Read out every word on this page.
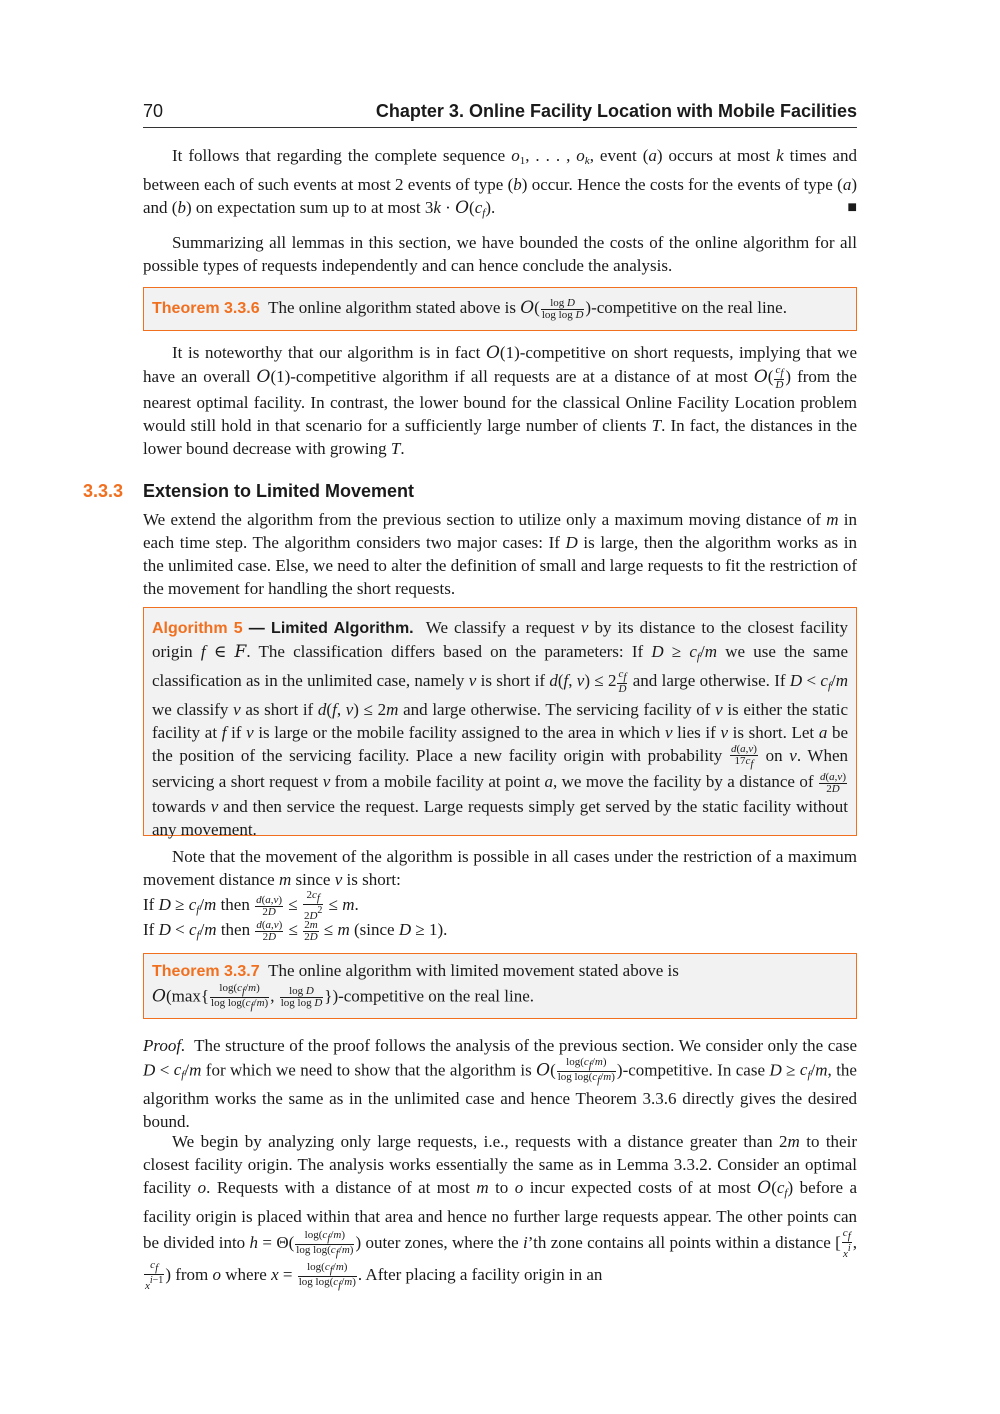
70	Chapter 3. Online Facility Location with Mobile Facilities
It follows that regarding the complete sequence $o_1$, . . . , $o_k$, event (a) occurs at most k times and between each of such events at most 2 events of type (b) occur. Hence the costs for the events of type (a) and (b) on expectation sum up to at most $3k \cdot O(c_f)$.	■
Summarizing all lemmas in this section, we have bounded the costs of the online algorithm for all possible types of requests independently and can hence conclude the analysis.
Theorem 3.3.6  The online algorithm stated above is $O( \frac{\text{log D}}{\text{log log D}}$ )-competitive on the real line.
It is noteworthy that our algorithm is in fact O(1)-competitive on short requests, implying that we have an overall O(1)-competitive algorithm if all requests are at a distance of at most $O( \frac{cf}{D}$ ) from the nearest optimal facility. In contrast, the lower bound for the classical Online Facility Location problem would still hold in that scenario for a sufficiently large number of clients T. In fact, the distances in the lower bound decrease with growing T.
3.3.3 Extension to Limited Movement
We extend the algorithm from the previous section to utilize only a maximum moving distance of m in each time step. The algorithm considers two major cases: If D is large, then the algorithm works as in the unlimited case. Else, we need to alter the definition of small and large requests to fit the restriction of the movement for handling the short requests.
Algorithm 5 — Limited Algorithm.  We classify a request v by its distance to the closest facility origin f ∈ F. The classification differs based on the parameters: If $D \ge c_f/m$ we use the same classification as in the unlimited case, namely v is short if d(f, $v) \le 2 \frac{cf}{D}$ and large otherwise. If $D < c_f/m$ we classify v as short if d(f, v) ≤ 2m and large otherwise. The servicing facility of v is either the static facility at f if v is large or the mobile facility assigned to the area in which v lies if v is short. Let a be the position of the servicing facility. Place a new facility origin with probability $\frac{d(a,v)}{17cf}$ on v. When servicing a short request v from a mobile facility at point a, we move the facility by a distance of $\frac{d(a,v)}{2D}$
towards v and then service the request. Large requests simply get served by the static facility without any movement.
Note that the movement of the algorithm is possible in all cases under the restriction of a maximum movement distance m since v is short:
If $D \ge c_f/m$ then $\frac{d(a,v)}{2D} \le \frac{2cf}{2D2} \le m$.
If $D < c_f/m$ then $\frac{d(a,v)}{2D} \le \frac{2m}{2D} \le m$ (since D ≥ 1).
Theorem 3.3.7  The online algorithm with limited movement stated above is
$O(\max\{ \frac{\log(cf/m)}{\text{log log(cf/m)}}$ , $\frac{\text{log D}}{\text{log log D}}$ })-competitive on the real line.
Proof.  The structure of the proof follows the analysis of the previous section. We consider only the case $D < c_f/m$ for which we need to show that the algorithm is $O( \frac{\log(cf/m)}{\text{log log(cf/m)}}$ )-competitive. In case $D \ge c_f/m$, the algorithm works the same as in the unlimited case and hence Theorem 3.3.6 directly gives the desired bound.
We begin by analyzing only large requests, i.e., requests with a distance greater than 2m to their closest facility origin. The analysis works essentially the same as in Lemma 3.3.2. Consider an optimal facility o. Requests with a distance of at most m to o incur expected costs of at most $O(c_f)$ before a facility origin is placed within that area and hence no further large requests appear. The other points can be divided into $h = \Theta( \frac{\log(cf/m)}{\text{log log(cf/m)}}$ ) outer zones, where the i’th zone contains all points within a distance [ $\frac{cf}{xi}$ ,
$\frac{cf}{xi-1}$ ) from o where $x = \frac{\log(cf/m)}{\text{log log(cf/m)}}$ . After placing a facility origin in an
